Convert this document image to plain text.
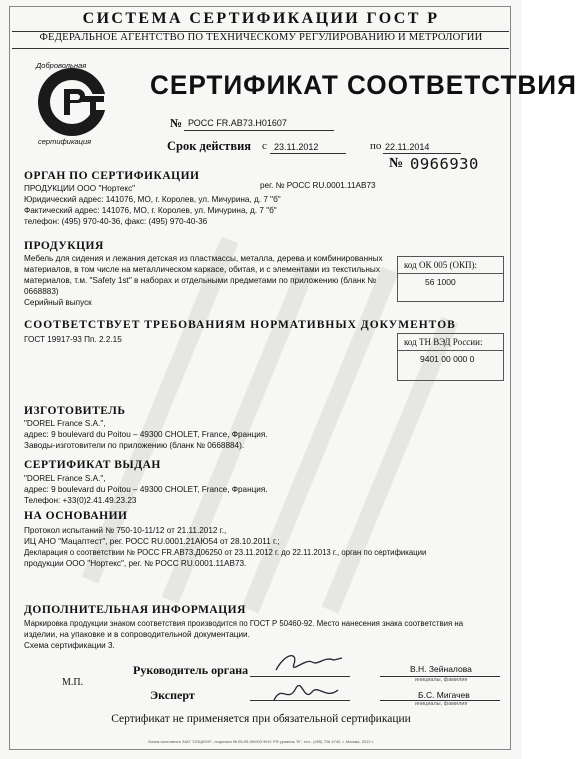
СИСТЕМА СЕРТИФИКАЦИИ ГОСТ Р
ФЕДЕРАЛЬНОЕ АГЕНТСТВО ПО ТЕХНИЧЕСКОМУ РЕГУЛИРОВАНИЮ И МЕТРОЛОГИИ
Добровольная
сертификация
СЕРТИФИКАТ СООТВЕТСТВИЯ
№ РОСС FR.AB73.H01607
Срок действия с 23.11.2012	по 22.11.2014
№ 0966930
ОРГАН ПО СЕРТИФИКАЦИИ
рег. № РОСС RU.0001.11AB73
ПРОДУКЦИИ ООО "Нортекс"
Юридический адрес: 141076, МО, г. Королев, ул. Мичурина, д. 7 "б"
Фактический адрес: 141076, МО, г. Королев, ул. Мичурина, д. 7 "б"
телефон: (495) 970-40-36, факс: (495) 970-40-36
ПРОДУКЦИЯ
Мебель для сидения и лежания детская из пластмассы, металла, дерева и комбинированных
материалов, в том числе на металлическом каркасе, обитая, и с элементами из текстильных
материалов, т.м. "Safety 1st" в наборах и отдельными предметами по приложению (бланк №
0668883)
Серийный выпуск
код ОК 005 (ОКП):
56 1000
СООТВЕТСТВУЕТ ТРЕБОВАНИЯМ НОРМАТИВНЫХ ДОКУМЕНТОВ
ГОСТ 19917-93 Пп. 2.2.15	код ТН ВЭД России:
9401 00 000 0
ИЗГОТОВИТЕЛЬ
"DOREL France S.A.",
адрес: 9 boulevard du Poitou – 49300 CHOLET, France, Франция.
Заводы-изготовители по приложению (бланк № 0668884).
СЕРТИФИКАТ ВЫДАН
"DOREL France S.A.",
адрес: 9 boulevard du Poitou – 49300 CHOLET, France, Франция.
Телефон: +33(0)2.41.49.23.23
НА ОСНОВАНИИ
Протокол испытаний № 750-10-11/12 от 21.11.2012 г.,
ИЦ АНО "Мацаптест", рег. РОСС RU.0001.21АЮ54 от 28.10.2011 г.;
Декларация о соответствии № РОСС FR.AB73.Д06250 от 23.11.2012 г. до 22.11.2013 г., орган по сертификации
продукции ООО "Нортекс", рег. № РОСС RU.0001.11AB73.
ДОПОЛНИТЕЛЬНАЯ ИНФОРМАЦИЯ
Маркировка продукции знаком соответствия производится по ГОСТ Р 50460-92. Место нанесения знака соответствия на
изделии, на упаковке и в сопроводительной документации.
Схема сертификации 3.
М.П.
Руководитель органа	В.Н. Зейналова
инициалы, фамилия
Эксперт	Б.С. Мигачев
инициалы, фамилия
Сертификат не применяется при обязательной сертификации
Бланк изготовлен ЗАО "ОПЦИОН", лицензия № 05-05-09/003 ФНС РФ уровень "В", тел.: (495) 726 4742, г. Москва, 2012 г.
